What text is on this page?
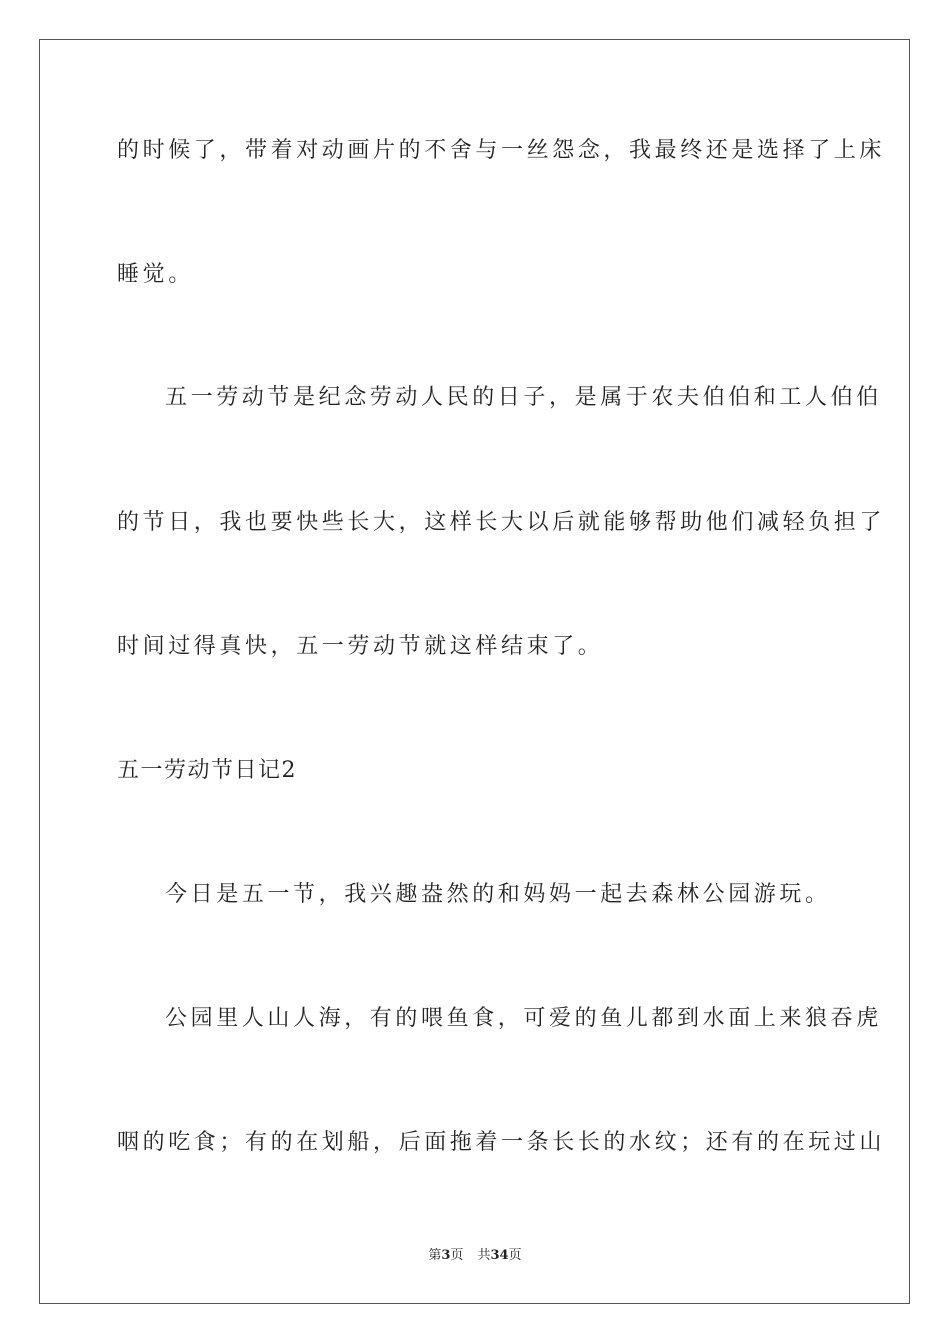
的时候了，带着对动画片的不舍与一丝怨念，我最终还是选择了上床
睡觉。
五一劳动节是纪念劳动人民的日子，是属于农夫伯伯和工人伯伯
的节日，我也要快些长大，这样长大以后就能够帮助他们减轻负担了
时间过得真快，五一劳动节就这样结束了。
五一劳动节日记2
今日是五一节，我兴趣盎然的和妈妈一起去森林公园游玩。
公园里人山人海，有的喂鱼食，可爱的鱼儿都到水面上来狼吞虎
咽的吃食；有的在划船，后面拖着一条长长的水纹；还有的在玩过山
第3页 共34页
